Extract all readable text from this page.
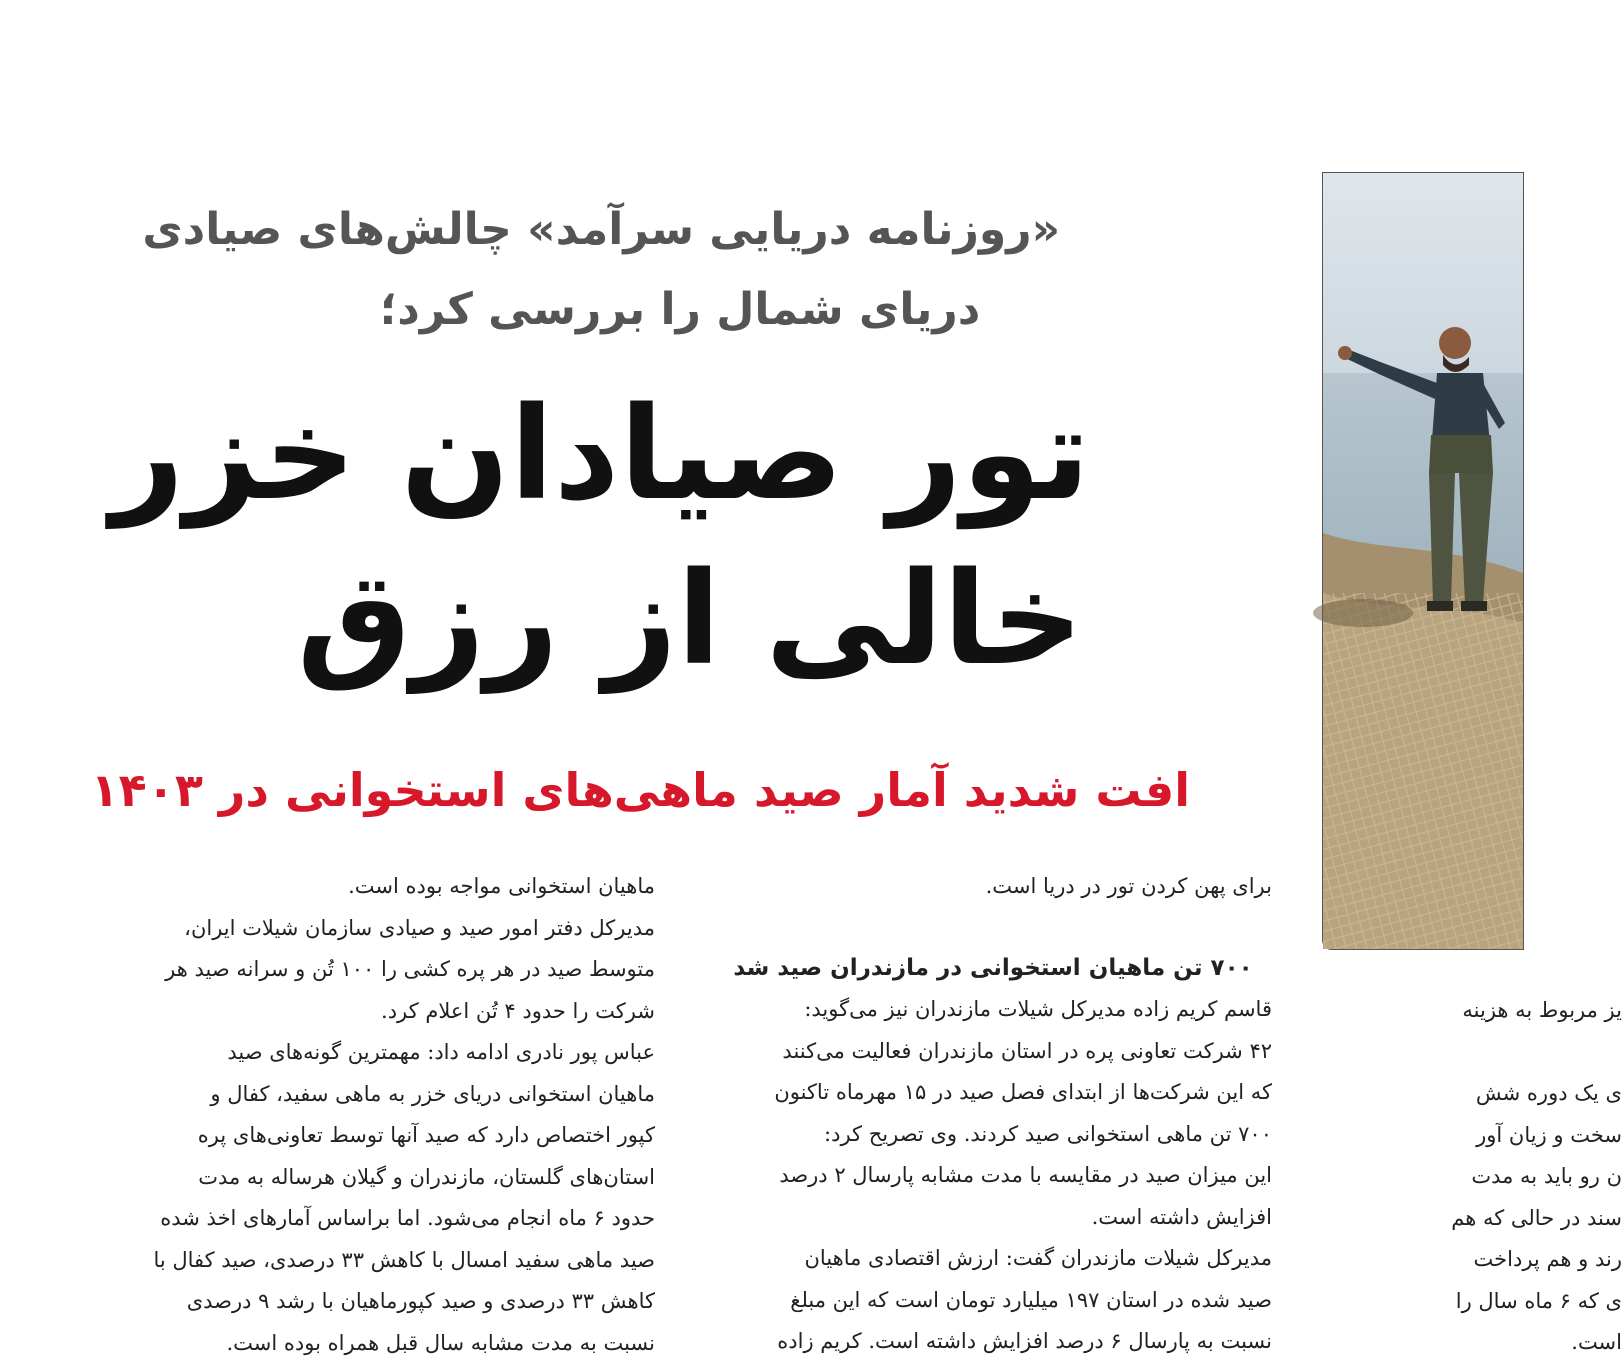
«روزنامه دریایی سرآمد» چالش‌های صیادی
دریای شمال را بررسی کرد؛
تور صیادان خزر
خالی از رزق
افت شدید آمار صید ماهی‌های استخوانی در ۱۴۰۳

برای پهن کردن تور در دریا است.

۷۰۰ تن ماهیان استخوانی در مازندران صید شد

قاسم کریم زاده مدیرکل شیلات مازندران نیز می‌گوید:

۴۲ شرکت تعاونی پره در استان مازندران فعالیت می‌کنند

که این شرکت‌ها از ابتدای فصل صید در ۱۵ مهرماه تاکنون

۷۰۰ تن ماهی استخوانی صید کردند. وی تصریح کرد:

این میزان صید در مقایسه با مدت مشابه پارسال ۲ درصد

افزایش داشته است.

مدیرکل شیلات مازندران گفت: ارزش اقتصادی ماهیان

صید شده در استان ۱۹۷ میلیارد تومان است که این مبلغ

نسبت به پارسال ۶ درصد افزایش داشته است. کریم زاده

ماهیان استخوانی مواجه بوده است.

مدیرکل دفتر امور صید و صیادی سازمان شیلات ایران،

متوسط صید در هر پره کشی را ۱۰۰ تُن و سرانه صید هر

شرکت را حدود ۴ تُن اعلام کرد.

عباس پور نادری ادامه داد: مهمترین گونه‌های صید

ماهیان استخوانی دریای خزر به ماهی سفید، کفال و

کپور اختصاص دارد که صید آنها توسط تعاونی‌های پره

استان‌های گلستان، مازندران و گیلان هرساله به مدت

حدود ۶ ماه انجام می‌شود. اما براساس آمارهای اخذ شده

صید ماهی سفید امسال با کاهش ۳۳ درصدی، صید کفال با

کاهش ۳۳ درصدی و صید کپورماهیان با رشد ۹ درصدی

نسبت به مدت مشابه سال قبل همراه بوده است.

یز مربوط به هزینه

ی یک دوره شش

سخت و زیان آور

ن رو باید به مدت

سند در حالی که هم

رند و هم پرداخت

ی که ۶ ماه سال را

است.
